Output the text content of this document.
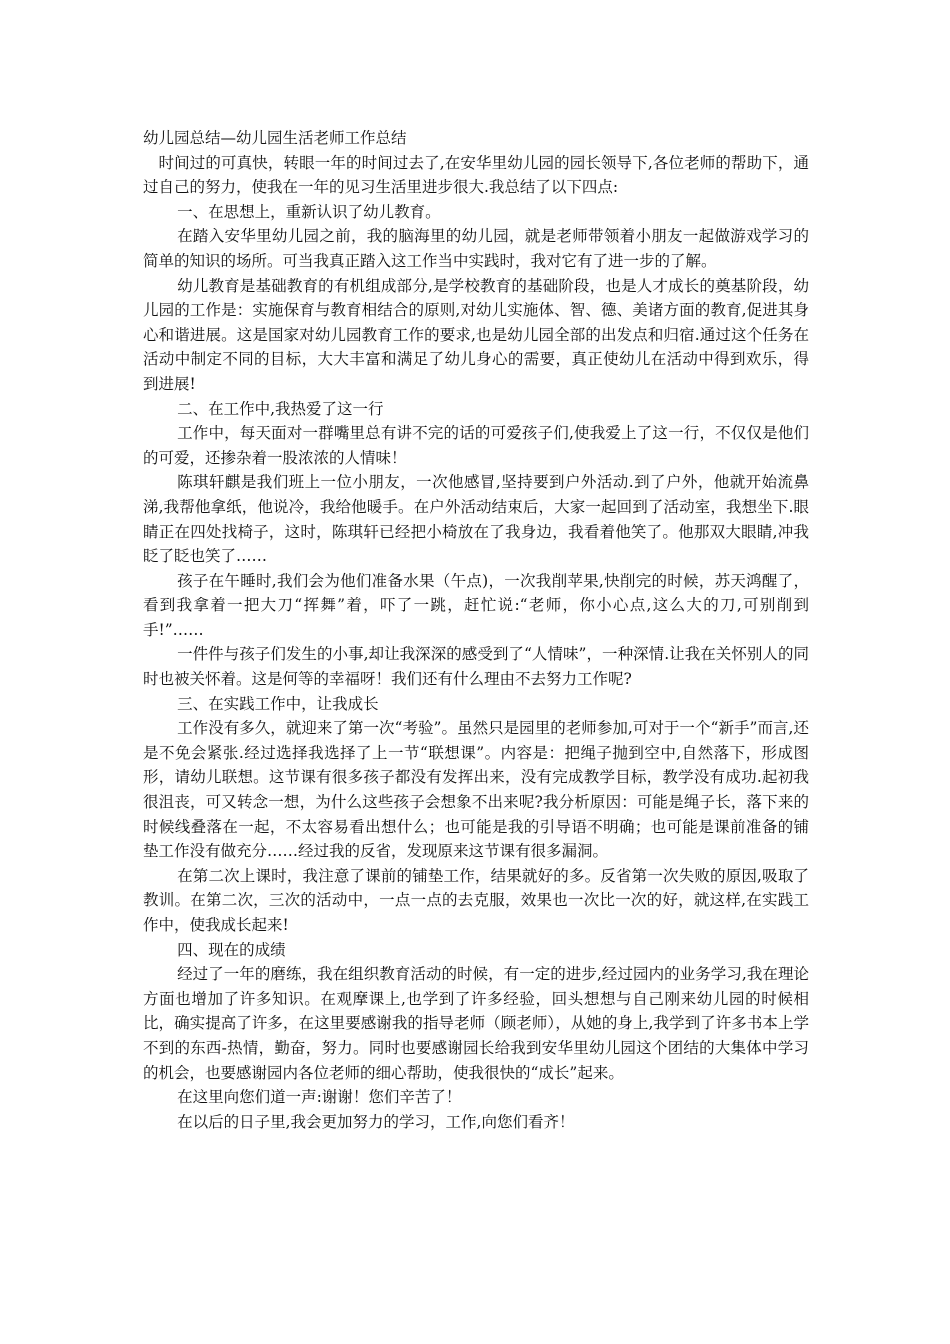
幼儿园总结—幼儿园生活老师工作总结

时间过的可真快，转眼一年的时间过去了,在安华里幼儿园的园长领导下,各位老师的帮助下，通过自己的努力，使我在一年的见习生活里进步很大.我总结了以下四点:

一、在思想上，重新认识了幼儿教育。

在踏入安华里幼儿园之前，我的脑海里的幼儿园，就是老师带领着小朋友一起做游戏学习的简单的知识的场所。可当我真正踏入这工作当中实践时，我对它有了进一步的了解。

幼儿教育是基础教育的有机组成部分,是学校教育的基础阶段，也是人才成长的奠基阶段，幼儿园的工作是：实施保育与教育相结合的原则,对幼儿实施体、智、德、美诸方面的教育,促进其身心和谐进展。这是国家对幼儿园教育工作的要求,也是幼儿园全部的出发点和归宿.通过这个任务在活动中制定不同的目标，大大丰富和满足了幼儿身心的需要，真正使幼儿在活动中得到欢乐，得到进展!

二、在工作中,我热爱了这一行

工作中，每天面对一群嘴里总有讲不完的话的可爱孩子们,使我爱上了这一行，不仅仅是他们的可爱，还掺杂着一股浓浓的人情味！

陈琪轩麒是我们班上一位小朋友，一次他感冒,坚持要到户外活动.到了户外，他就开始流鼻涕,我帮他拿纸，他说冷，我给他暖手。在户外活动结束后，大家一起回到了活动室，我想坐下.眼睛正在四处找椅子，这时，陈琪轩已经把小椅放在了我身边，我看着他笑了。他那双大眼睛,冲我眨了眨也笑了……

孩子在午睡时,我们会为他们准备水果（午点)，一次我削苹果,快削完的时候，苏天鸿醒了，看到我拿着一把大刀“挥舞”着，吓了一跳，赶忙说:“老师，你小心点,这么大的刀,可别削到手!”……

一件件与孩子们发生的小事,却让我深深的感受到了“人情味”，一种深情.让我在关怀别人的同时也被关怀着。这是何等的幸福呀！我们还有什么理由不去努力工作呢?

三、在实践工作中，让我成长

工作没有多久，就迎来了第一次“考验”。虽然只是园里的老师参加,可对于一个“新手”而言,还是不免会紧张.经过选择我选择了上一节“联想课”。内容是：把绳子抛到空中,自然落下，形成图形，请幼儿联想。这节课有很多孩子都没有发挥出来，没有完成教学目标，教学没有成功.起初我很沮丧，可又转念一想，为什么这些孩子会想象不出来呢?我分析原因：可能是绳子长，落下来的时候线叠落在一起，不太容易看出想什么；也可能是我的引导语不明确；也可能是课前准备的铺垫工作没有做充分……经过我的反省，发现原来这节课有很多漏洞。

在第二次上课时，我注意了课前的铺垫工作，结果就好的多。反省第一次失败的原因,吸取了教训。在第二次，三次的活动中，一点一点的去克服，效果也一次比一次的好，就这样,在实践工作中，使我成长起来!

四、现在的成绩

经过了一年的磨练，我在组织教育活动的时候，有一定的进步,经过园内的业务学习,我在理论方面也增加了许多知识。在观摩课上,也学到了许多经验，回头想想与自己刚来幼儿园的时候相比，确实提高了许多，在这里要感谢我的指导老师（顾老师），从她的身上,我学到了许多书本上学不到的东西-热情，勤奋，努力。同时也要感谢园长给我到安华里幼儿园这个团结的大集体中学习的机会，也要感谢园内各位老师的细心帮助，使我很快的“成长”起来。

在这里向您们道一声:谢谢！您们辛苦了！

在以后的日子里,我会更加努力的学习，工作,向您们看齐！
